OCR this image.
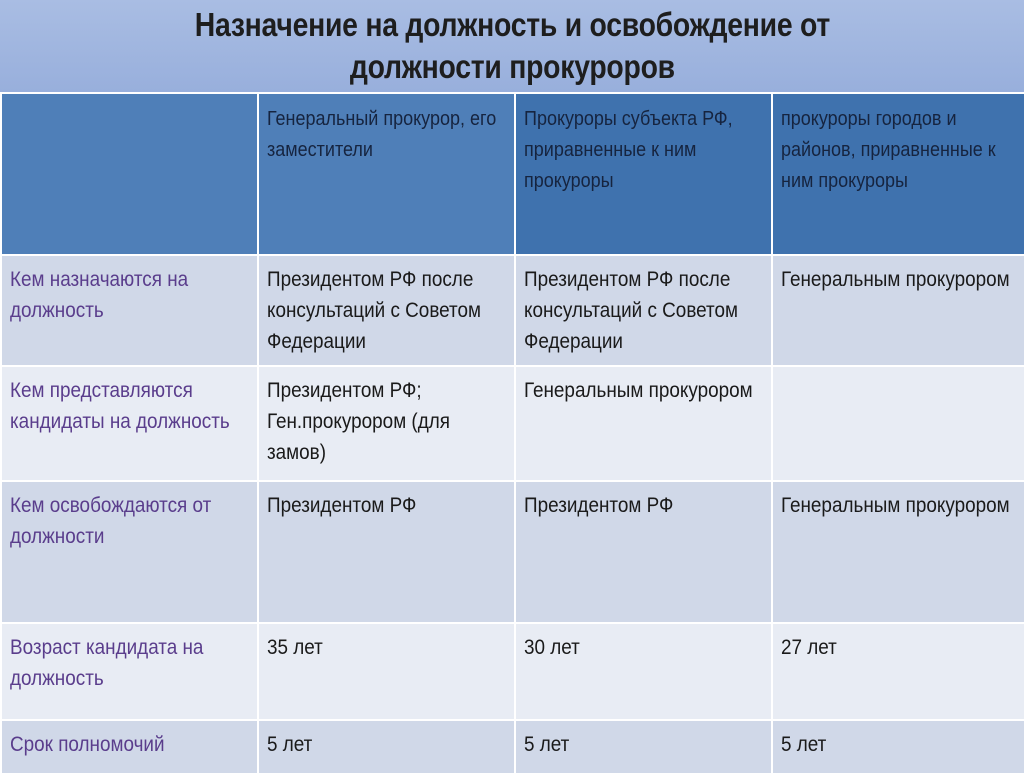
Назначение на должность и освобождение от
должности прокуроров
	Генеральный прокурор, его заместители	Прокуроры субъекта РФ, приравненные к ним прокуроры	прокуроры городов и районов, приравненные к ним прокуроры
Кем назначаются на должность	Президентом РФ после консультаций с Советом Федерации	Президентом РФ после консультаций с Советом Федерации	Генеральным прокурором
Кем представляются кандидаты на должность	Президентом РФ; Ген.прокурором (для замов)	Генеральным прокурором	
Кем освобождаются от должности	Президентом РФ	Президентом РФ	Генеральным прокурором
Возраст кандидата на должность	35 лет	30 лет	27 лет
Срок полномочий	5 лет	5 лет	5 лет
